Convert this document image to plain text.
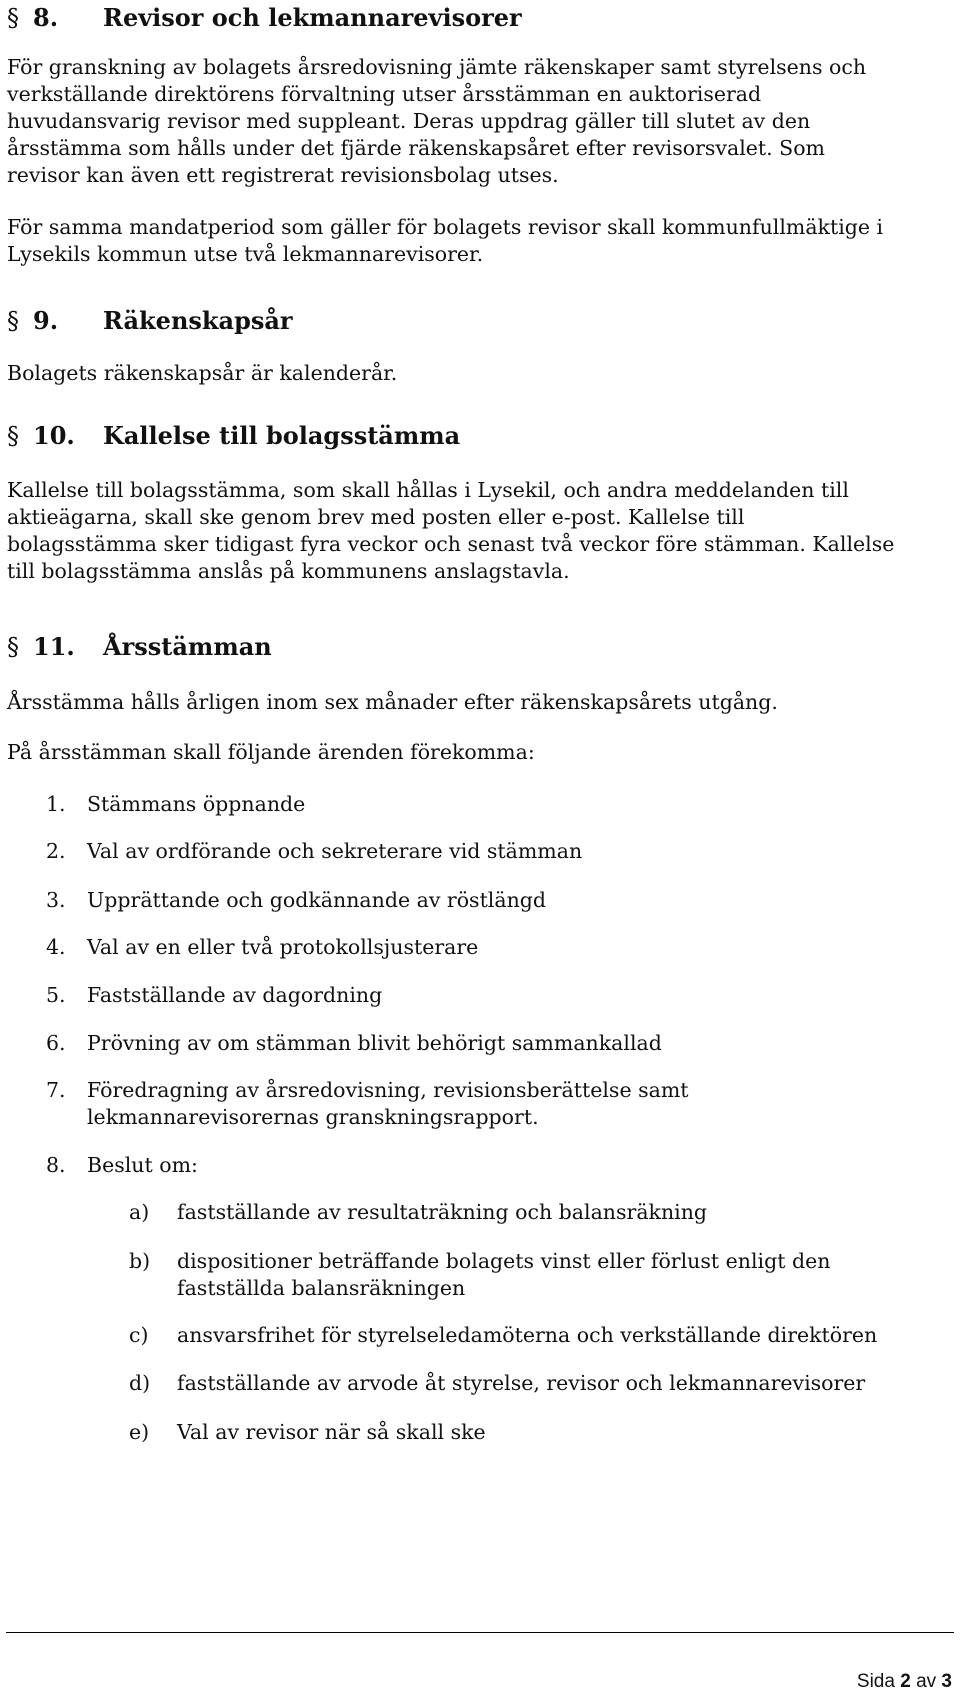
§ 8. Revisor och lekmannarevisorer
För granskning av bolagets årsredovisning jämte räkenskaper samt styrelsens och
verkställande direktörens förvaltning utser årsstämman en auktoriserad
huvudansvarig revisor med suppleant. Deras uppdrag gäller till slutet av den
årsstämma som hålls under det fjärde räkenskapsåret efter revisorsvalet. Som
revisor kan även ett registrerat revisionsbolag utses.
För samma mandatperiod som gäller för bolagets revisor skall kommunfullmäktige i
Lysekils kommun utse två lekmannarevisorer.
§ 9. Räkenskapsår
Bolagets räkenskapsår är kalenderår.
§ 10. Kallelse till bolagsstämma
Kallelse till bolagsstämma, som skall hållas i Lysekil, och andra meddelanden till
aktieägarna, skall ske genom brev med posten eller e-post. Kallelse till
bolagsstämma sker tidigast fyra veckor och senast två veckor före stämman. Kallelse
till bolagsstämma anslås på kommunens anslagstavla.
§ 11. Årsstämman
Årsstämma hålls årligen inom sex månader efter räkenskapsårets utgång.
På årsstämman skall följande ärenden förekomma:
1.	Stämmans öppnande
2.	Val av ordförande och sekreterare vid stämman
3.	Upprättande och godkännande av röstlängd
4.	Val av en eller två protokollsjusterare
5.	Fastställande av dagordning
6.	Prövning av om stämman blivit behörigt sammankallad
7.	Föredragning av årsredovisning, revisionsberättelse samt
lekmannarevisorernas granskningsrapport.
8.	Beslut om:
a)	fastställande av resultaträkning och balansräkning
b)	dispositioner beträffande bolagets vinst eller förlust enligt den
fastställda balansräkningen
c)	ansvarsfrihet för styrelseledamöterna och verkställande direktören
d)	fastställande av arvode åt styrelse, revisor och lekmannarevisorer
e)	Val av revisor när så skall ske
Sida 2 av 3
